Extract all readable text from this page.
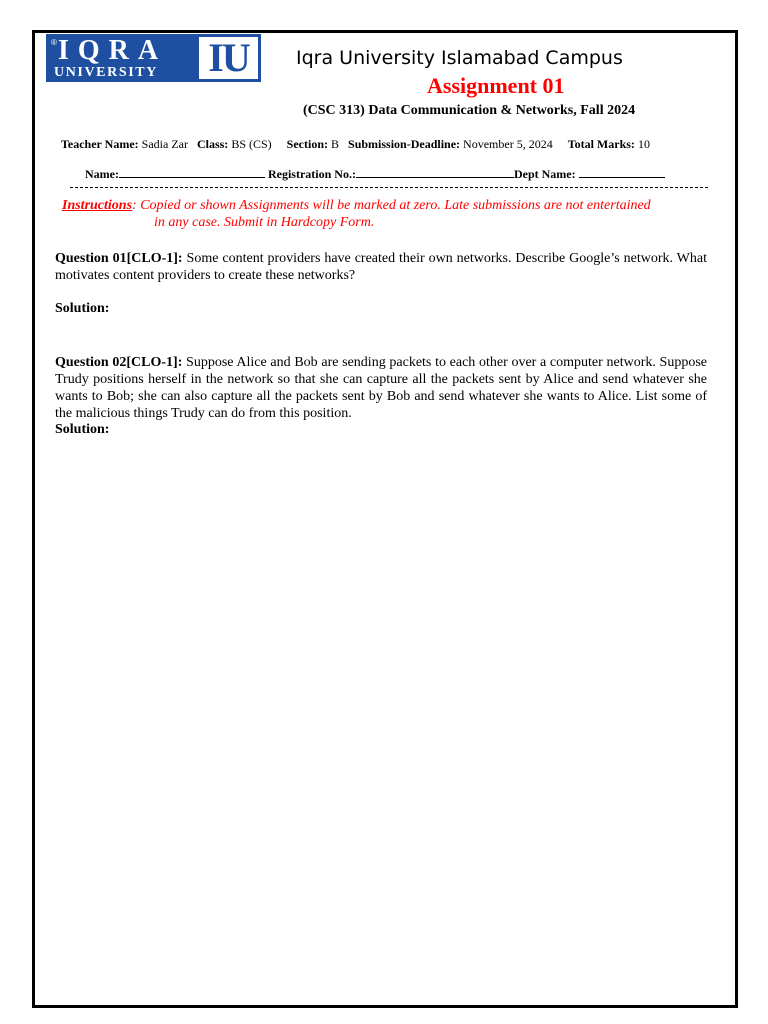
® IQRA
UNIVERSITY	IU	Iqra University Islamabad Campus
Assignment 01
(CSC 313) Data Communication & Networks, Fall 2024
Teacher Name: Sadia Zar Class: BS (CS) Section: B Submission-Deadline: November 5, 2024 Total Marks: 10
Name:	Registration No.:	Dept Name:
Instructions: Copied or shown Assignments will be marked at zero. Late submissions are not entertained
in any case. Submit in Hardcopy Form.
Question 01[CLO-1]: Some content providers have created their own networks. Describe Google’s network. What motivates content providers to create these networks?
Solution:
Question 02[CLO-1]: Suppose Alice and Bob are sending packets to each other over a computer network. Suppose Trudy positions herself in the network so that she can capture all the packets sent by Alice and send whatever she wants to Bob; she can also capture all the packets sent by Bob and send whatever she wants to Alice. List some of the malicious things Trudy can do from this position.
Solution:
